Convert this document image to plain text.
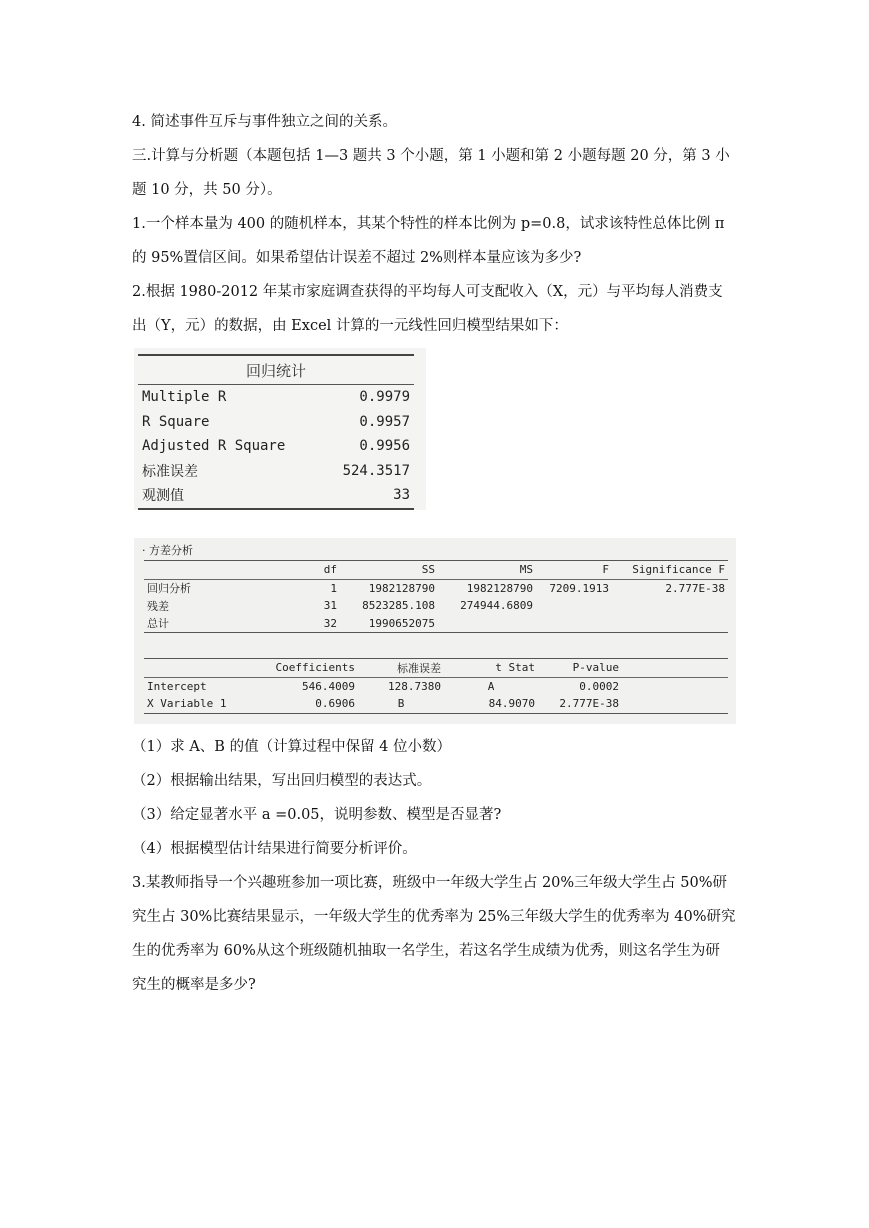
4. 简述事件互斥与事件独立之间的关系。
三.计算与分析题（本题包括 1—3 题共 3 个小题，第 1 小题和第 2 小题每题 20 分，第 3 小
题 10 分，共 50 分）。
1.一个样本量为 400 的随机样本，其某个特性的样本比例为 p=0.8，试求该特性总体比例 π
的 95%置信区间。如果希望估计误差不超过 2%则样本量应该为多少?
2.根据 1980-2012 年某市家庭调查获得的平均每人可支配收入（X，元）与平均每人消费支
出（Y，元）的数据，由 Excel 计算的一元线性回归模型结果如下：
回归统计	
Multiple R	0.9979
R Square	0.9957
Adjusted R Square	0.9956
标准误差	524.3517
观测值	33
· 方差分析
	df	SS	MS	F	Significance F
回归分析	1	1982128790	1982128790	7209.1913	2.777E-38
残差	31	8523285.108	274944.6809		
总计	32	1990652075			
	Coefficients	标准误差	t Stat	P-value	
Intercept	546.4009	128.7380	A	0.0002	
X Variable 1	0.6906	B	84.9070	2.777E-38	
（1）求 A、B 的值（计算过程中保留 4 位小数）
（2）根据输出结果，写出回归模型的表达式。
（3）给定显著水平 a =0.05，说明参数、模型是否显著?
（4）根据模型估计结果进行简要分析评价。
3.某教师指导一个兴趣班参加一项比赛，班级中一年级大学生占 20%三年级大学生占 50%研
究生占 30%比赛结果显示，一年级大学生的优秀率为 25%三年级大学生的优秀率为 40%研究
生的优秀率为 60%从这个班级随机抽取一名学生，若这名学生成绩为优秀，则这名学生为研
究生的概率是多少?
